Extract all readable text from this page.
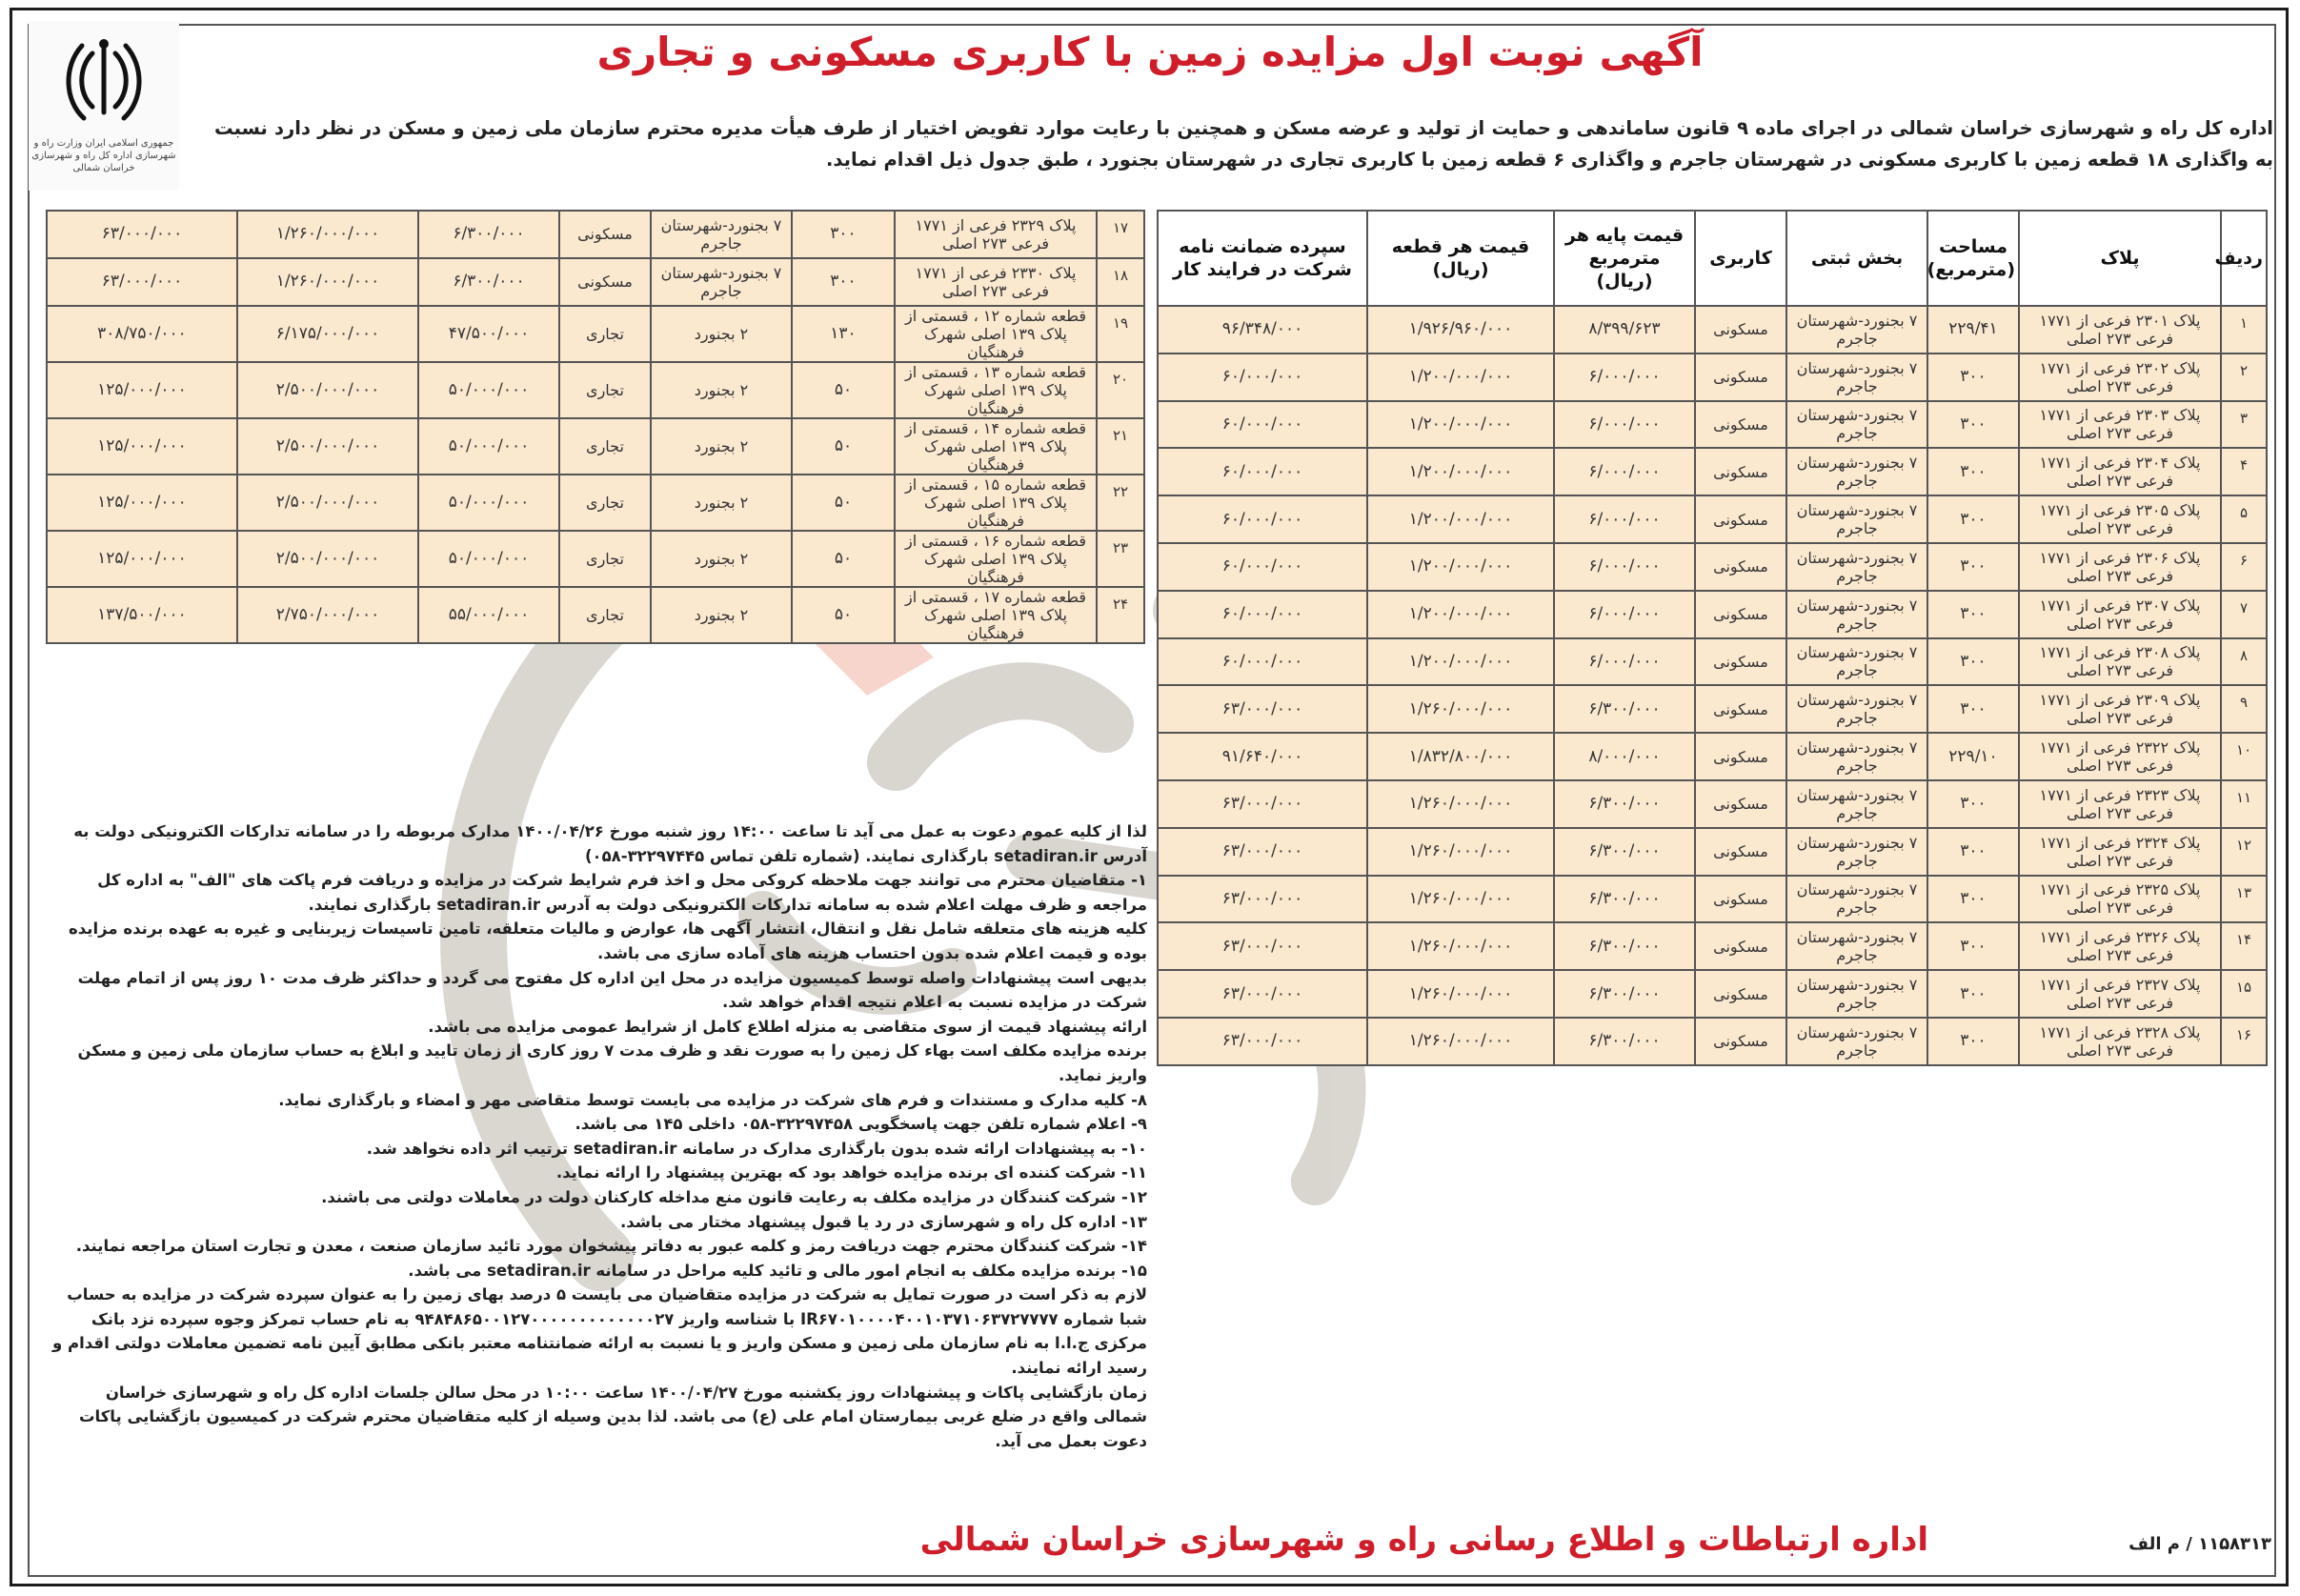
جمهوری اسلامی ایران وزارت راه و شهرسازی اداره کل راه و شهرسازی خراسان شمالی
آگهی نوبت اول مزایده زمین با کاربری مسکونی و تجاری
اداره کل راه و شهرسازی خراسان شمالی در اجرای ماده ۹ قانون ساماندهی و حمایت از تولید و عرضه مسکن و همچنین با رعایت موارد تفویض اختیار از طرف هیأت مدیره محترم سازمان ملی زمین و مسکن در نظر دارد نسبت به واگذاری ۱۸ قطعه زمین با کاربری مسکونی در شهرستان جاجرم و واگذاری ۶ قطعه زمین با کاربری تجاری در شهرستان بجنورد ، طبق جدول ذیل اقدام نماید.
ردیف	پلاک	مساحت (مترمربع)	بخش ثبتی	کاربری	قیمت پایه هر مترمربع (ریال)	قیمت هر قطعه (ریال)	سپرده ضمانت نامه شرکت در فرایند کار
۱	پلاک ۲۳۰۱ فرعی از ۱۷۷۱ فرعی ۲۷۳ اصلی	۲۲۹/۴۱	۷ بجنورد-شهرستان جاجرم	مسکونی	۸/۳۹۹/۶۲۳	۱/۹۲۶/۹۶۰/۰۰۰	۹۶/۳۴۸/۰۰۰
۲	پلاک ۲۳۰۲ فرعی از ۱۷۷۱ فرعی ۲۷۳ اصلی	۳۰۰	۷ بجنورد-شهرستان جاجرم	مسکونی	۶/۰۰۰/۰۰۰	۱/۲۰۰/۰۰۰/۰۰۰	۶۰/۰۰۰/۰۰۰
۳	پلاک ۲۳۰۳ فرعی از ۱۷۷۱ فرعی ۲۷۳ اصلی	۳۰۰	۷ بجنورد-شهرستان جاجرم	مسکونی	۶/۰۰۰/۰۰۰	۱/۲۰۰/۰۰۰/۰۰۰	۶۰/۰۰۰/۰۰۰
۴	پلاک ۲۳۰۴ فرعی از ۱۷۷۱ فرعی ۲۷۳ اصلی	۳۰۰	۷ بجنورد-شهرستان جاجرم	مسکونی	۶/۰۰۰/۰۰۰	۱/۲۰۰/۰۰۰/۰۰۰	۶۰/۰۰۰/۰۰۰
۵	پلاک ۲۳۰۵ فرعی از ۱۷۷۱ فرعی ۲۷۳ اصلی	۳۰۰	۷ بجنورد-شهرستان جاجرم	مسکونی	۶/۰۰۰/۰۰۰	۱/۲۰۰/۰۰۰/۰۰۰	۶۰/۰۰۰/۰۰۰
۶	پلاک ۲۳۰۶ فرعی از ۱۷۷۱ فرعی ۲۷۳ اصلی	۳۰۰	۷ بجنورد-شهرستان جاجرم	مسکونی	۶/۰۰۰/۰۰۰	۱/۲۰۰/۰۰۰/۰۰۰	۶۰/۰۰۰/۰۰۰
۷	پلاک ۲۳۰۷ فرعی از ۱۷۷۱ فرعی ۲۷۳ اصلی	۳۰۰	۷ بجنورد-شهرستان جاجرم	مسکونی	۶/۰۰۰/۰۰۰	۱/۲۰۰/۰۰۰/۰۰۰	۶۰/۰۰۰/۰۰۰
۸	پلاک ۲۳۰۸ فرعی از ۱۷۷۱ فرعی ۲۷۳ اصلی	۳۰۰	۷ بجنورد-شهرستان جاجرم	مسکونی	۶/۰۰۰/۰۰۰	۱/۲۰۰/۰۰۰/۰۰۰	۶۰/۰۰۰/۰۰۰
۹	پلاک ۲۳۰۹ فرعی از ۱۷۷۱ فرعی ۲۷۳ اصلی	۳۰۰	۷ بجنورد-شهرستان جاجرم	مسکونی	۶/۳۰۰/۰۰۰	۱/۲۶۰/۰۰۰/۰۰۰	۶۳/۰۰۰/۰۰۰
۱۰	پلاک ۲۳۲۲ فرعی از ۱۷۷۱ فرعی ۲۷۳ اصلی	۲۲۹/۱۰	۷ بجنورد-شهرستان جاجرم	مسکونی	۸/۰۰۰/۰۰۰	۱/۸۳۲/۸۰۰/۰۰۰	۹۱/۶۴۰/۰۰۰
۱۱	پلاک ۲۳۲۳ فرعی از ۱۷۷۱ فرعی ۲۷۳ اصلی	۳۰۰	۷ بجنورد-شهرستان جاجرم	مسکونی	۶/۳۰۰/۰۰۰	۱/۲۶۰/۰۰۰/۰۰۰	۶۳/۰۰۰/۰۰۰
۱۲	پلاک ۲۳۲۴ فرعی از ۱۷۷۱ فرعی ۲۷۳ اصلی	۳۰۰	۷ بجنورد-شهرستان جاجرم	مسکونی	۶/۳۰۰/۰۰۰	۱/۲۶۰/۰۰۰/۰۰۰	۶۳/۰۰۰/۰۰۰
۱۳	پلاک ۲۳۲۵ فرعی از ۱۷۷۱ فرعی ۲۷۳ اصلی	۳۰۰	۷ بجنورد-شهرستان جاجرم	مسکونی	۶/۳۰۰/۰۰۰	۱/۲۶۰/۰۰۰/۰۰۰	۶۳/۰۰۰/۰۰۰
۱۴	پلاک ۲۳۲۶ فرعی از ۱۷۷۱ فرعی ۲۷۳ اصلی	۳۰۰	۷ بجنورد-شهرستان جاجرم	مسکونی	۶/۳۰۰/۰۰۰	۱/۲۶۰/۰۰۰/۰۰۰	۶۳/۰۰۰/۰۰۰
۱۵	پلاک ۲۳۲۷ فرعی از ۱۷۷۱ فرعی ۲۷۳ اصلی	۳۰۰	۷ بجنورد-شهرستان جاجرم	مسکونی	۶/۳۰۰/۰۰۰	۱/۲۶۰/۰۰۰/۰۰۰	۶۳/۰۰۰/۰۰۰
۱۶	پلاک ۲۳۲۸ فرعی از ۱۷۷۱ فرعی ۲۷۳ اصلی	۳۰۰	۷ بجنورد-شهرستان جاجرم	مسکونی	۶/۳۰۰/۰۰۰	۱/۲۶۰/۰۰۰/۰۰۰	۶۳/۰۰۰/۰۰۰
۱۷	پلاک ۲۳۲۹ فرعی از ۱۷۷۱ فرعی ۲۷۳ اصلی	۳۰۰	۷ بجنورد-شهرستان جاجرم	مسکونی	۶/۳۰۰/۰۰۰	۱/۲۶۰/۰۰۰/۰۰۰	۶۳/۰۰۰/۰۰۰
۱۸	پلاک ۲۳۳۰ فرعی از ۱۷۷۱ فرعی ۲۷۳ اصلی	۳۰۰	۷ بجنورد-شهرستان جاجرم	مسکونی	۶/۳۰۰/۰۰۰	۱/۲۶۰/۰۰۰/۰۰۰	۶۳/۰۰۰/۰۰۰
۱۹	قطعه شماره ۱۲ ، قسمتی از پلاک ۱۳۹ اصلی شهرک فرهنگیان	۱۳۰	۲ بجنورد	تجاری	۴۷/۵۰۰/۰۰۰	۶/۱۷۵/۰۰۰/۰۰۰	۳۰۸/۷۵۰/۰۰۰
۲۰	قطعه شماره ۱۳ ، قسمتی از پلاک ۱۳۹ اصلی شهرک فرهنگیان	۵۰	۲ بجنورد	تجاری	۵۰/۰۰۰/۰۰۰	۲/۵۰۰/۰۰۰/۰۰۰	۱۲۵/۰۰۰/۰۰۰
۲۱	قطعه شماره ۱۴ ، قسمتی از پلاک ۱۳۹ اصلی شهرک فرهنگیان	۵۰	۲ بجنورد	تجاری	۵۰/۰۰۰/۰۰۰	۲/۵۰۰/۰۰۰/۰۰۰	۱۲۵/۰۰۰/۰۰۰
۲۲	قطعه شماره ۱۵ ، قسمتی از پلاک ۱۳۹ اصلی شهرک فرهنگیان	۵۰	۲ بجنورد	تجاری	۵۰/۰۰۰/۰۰۰	۲/۵۰۰/۰۰۰/۰۰۰	۱۲۵/۰۰۰/۰۰۰
۲۳	قطعه شماره ۱۶ ، قسمتی از پلاک ۱۳۹ اصلی شهرک فرهنگیان	۵۰	۲ بجنورد	تجاری	۵۰/۰۰۰/۰۰۰	۲/۵۰۰/۰۰۰/۰۰۰	۱۲۵/۰۰۰/۰۰۰
۲۴	قطعه شماره ۱۷ ، قسمتی از پلاک ۱۳۹ اصلی شهرک فرهنگیان	۵۰	۲ بجنورد	تجاری	۵۵/۰۰۰/۰۰۰	۲/۷۵۰/۰۰۰/۰۰۰	۱۳۷/۵۰۰/۰۰۰

لذا از کلیه عموم دعوت به عمل می آید تا ساعت ۱۴:۰۰ روز شنبه مورخ ۱۴۰۰/۰۴/۲۶ مدارک مربوطه را در سامانه تدارکات الکترونیکی دولت به آدرس setadiran.ir بارگذاری نمایند. (شماره تلفن تماس ۳۲۲۹۷۴۴۵-۰۵۸)

۱- متقاضیان محترم می توانند جهت ملاحظه کروکی محل و اخذ فرم شرایط شرکت در مزایده و دریافت فرم پاکت های "الف" به اداره کل مراجعه و ظرف مهلت اعلام شده به سامانه تدارکات الکترونیکی دولت به آدرس setadiran.ir بارگذاری نمایند.

کلیه هزینه های متعلقه شامل نقل و انتقال، انتشار آگهی ها، عوارض و مالیات متعلقه، تامین تاسیسات زیربنایی و غیره به عهده برنده مزایده بوده و قیمت اعلام شده بدون احتساب هزینه های آماده سازی می باشد.

بدیهی است پیشنهادات واصله توسط کمیسیون مزایده در محل این اداره کل مفتوح می گردد و حداکثر ظرف مدت ۱۰ روز پس از اتمام مهلت شرکت در مزایده نسبت به اعلام نتیجه اقدام خواهد شد.

ارائه پیشنهاد قیمت از سوی متقاضی به منزله اطلاع کامل از شرایط عمومی مزایده می باشد.

برنده مزایده مکلف است بهاء کل زمین را به صورت نقد و ظرف مدت ۷ روز کاری از زمان تایید و ابلاغ به حساب سازمان ملی زمین و مسکن واریز نماید.

۸- کلیه مدارک و مستندات و فرم های شرکت در مزایده می بایست توسط متقاضی مهر و امضاء و بارگذاری نماید.

۹- اعلام شماره تلفن جهت پاسخگویی ۳۲۲۹۷۴۵۸-۰۵۸ داخلی ۱۴۵ می باشد.

۱۰- به پیشنهادات ارائه شده بدون بارگذاری مدارک در سامانه setadiran.ir ترتیب اثر داده نخواهد شد.

۱۱- شرکت کننده ای برنده مزایده خواهد بود که بهترین پیشنهاد را ارائه نماید.

۱۲- شرکت کنندگان در مزایده مکلف به رعایت قانون منع مداخله کارکنان دولت در معاملات دولتی می باشند.

۱۳- اداره کل راه و شهرسازی در رد یا قبول پیشنهاد مختار می باشد.

۱۴- شرکت کنندگان محترم جهت دریافت رمز و کلمه عبور به دفاتر پیشخوان مورد تائید سازمان صنعت ، معدن و تجارت استان مراجعه نمایند.

۱۵- برنده مزایده مکلف به انجام امور مالی و تائید کلیه مراحل در سامانه setadiran.ir می باشد.

لازم به ذکر است در صورت تمایل به شرکت در مزایده متقاضیان می بایست ۵ درصد بهای زمین را به عنوان سپرده شرکت در مزایده به حساب شبا شماره IR۶۷۰۱۰۰۰۰۴۰۰۱۰۳۷۱۰۶۳۷۲۷۷۷۷ با شناسه واریز ۹۴۸۴۸۶۵۰۰۱۲۷۰۰۰۰۰۰۰۰۰۰۰۰۰۲۷ به نام حساب تمرکز وجوه سپرده نزد بانک مرکزی ج.ا.ا به نام سازمان ملی زمین و مسکن واریز و یا نسبت به ارائه ضمانتنامه معتبر بانکی مطابق آیین نامه تضمین معاملات دولتی اقدام و رسید ارائه نمایند.

زمان بازگشایی پاکات و پیشنهادات روز یکشنبه مورخ ۱۴۰۰/۰۴/۲۷ ساعت ۱۰:۰۰ در محل سالن جلسات اداره کل راه و شهرسازی خراسان شمالی واقع در ضلع غربی بیمارستان امام علی (ع) می باشد. لذا بدین وسیله از کلیه متقاضیان محترم شرکت در کمیسیون بازگشایی پاکات دعوت بعمل می آید.

اداره ارتباطات و اطلاع رسانی راه و شهرسازی خراسان شمالی	۱۱۵۸۳۱۳ / م الف
